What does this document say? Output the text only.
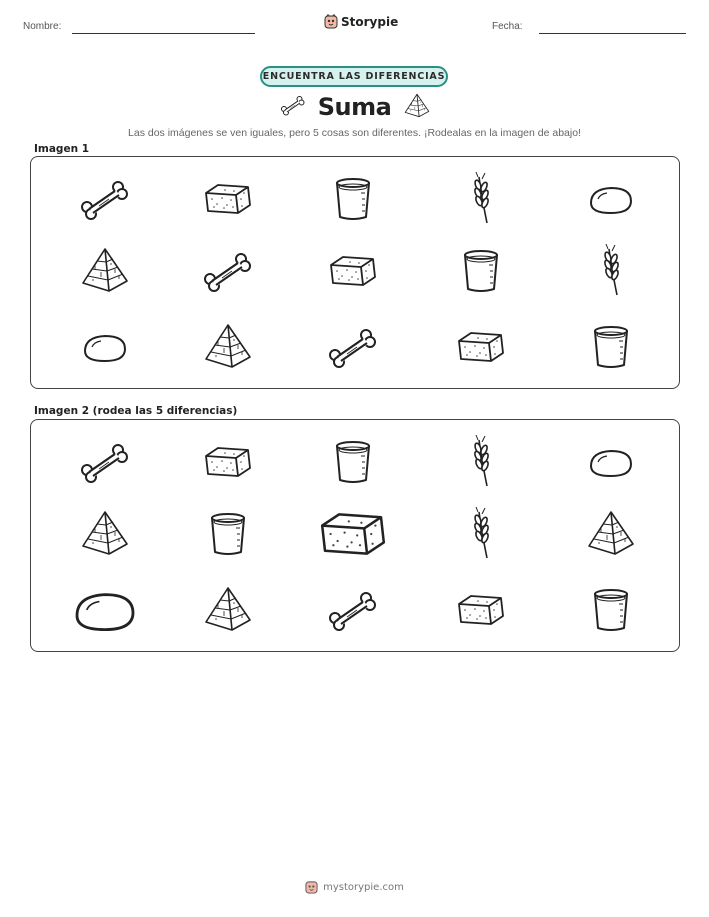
Nombre:	Storypie	Fecha:
ENCUENTRA LAS DIFERENCIAS
Suma
Las dos imágenes se ven iguales, pero 5 cosas son diferentes. ¡Rodealas en la imagen de abajo!
Imagen 1
Imagen 2 (rodea las 5 diferencias)
mystorypie.com
